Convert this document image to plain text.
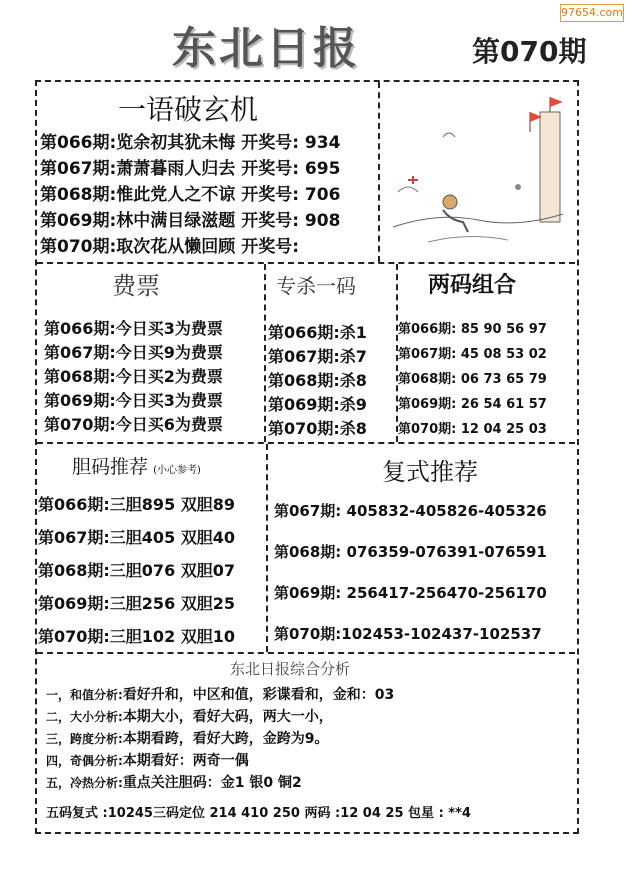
97654.com
东北日报	第070期
一语破玄机
第066期:览余初其犹未悔 开奖号: 934
第067期:萧萧暮雨人归去 开奖号: 695
第068期:惟此党人之不谅 开奖号: 706
第069期:林中满目绿滋题 开奖号: 908
第070期:取次花从懒回顾 开奖号:
费票
第066期:今日买3为费票
第067期:今日买9为费票
第068期:今日买2为费票
第069期:今日买3为费票
第070期:今日买6为费票
专杀一码
第066期:杀1
第067期:杀7
第068期:杀8
第069期:杀9
第070期:杀8
两码组合
第066期: 85 90 56 97
第067期: 45 08 53 02
第068期: 06 73 65 79
第069期: 26 54 61 57
第070期: 12 04 25 03
胆码推荐 (小心参考)
第066期:三胆895 双胆89
第067期:三胆405 双胆40
第068期:三胆076 双胆07
第069期:三胆256 双胆25
第070期:三胆102 双胆10
复式推荐
第067期: 405832-405826-405326
第068期: 076359-076391-076591
第069期: 256417-256470-256170
第070期:102453-102437-102537
东北日报综合分析
一，和值分析:看好升和，中区和值，彩谍看和，金和：03
二，大小分析:本期大小，看好大码，两大一小，
三，跨度分析:本期看跨，看好大跨，金跨为9。
四，奇偶分析:本期看好：两奇一偶
五，冷热分析:重点关注胆码：金1 银0 铜2
五码复式 :10245三码定位 214 410 250 两码 :12 04 25 包星 : **4
